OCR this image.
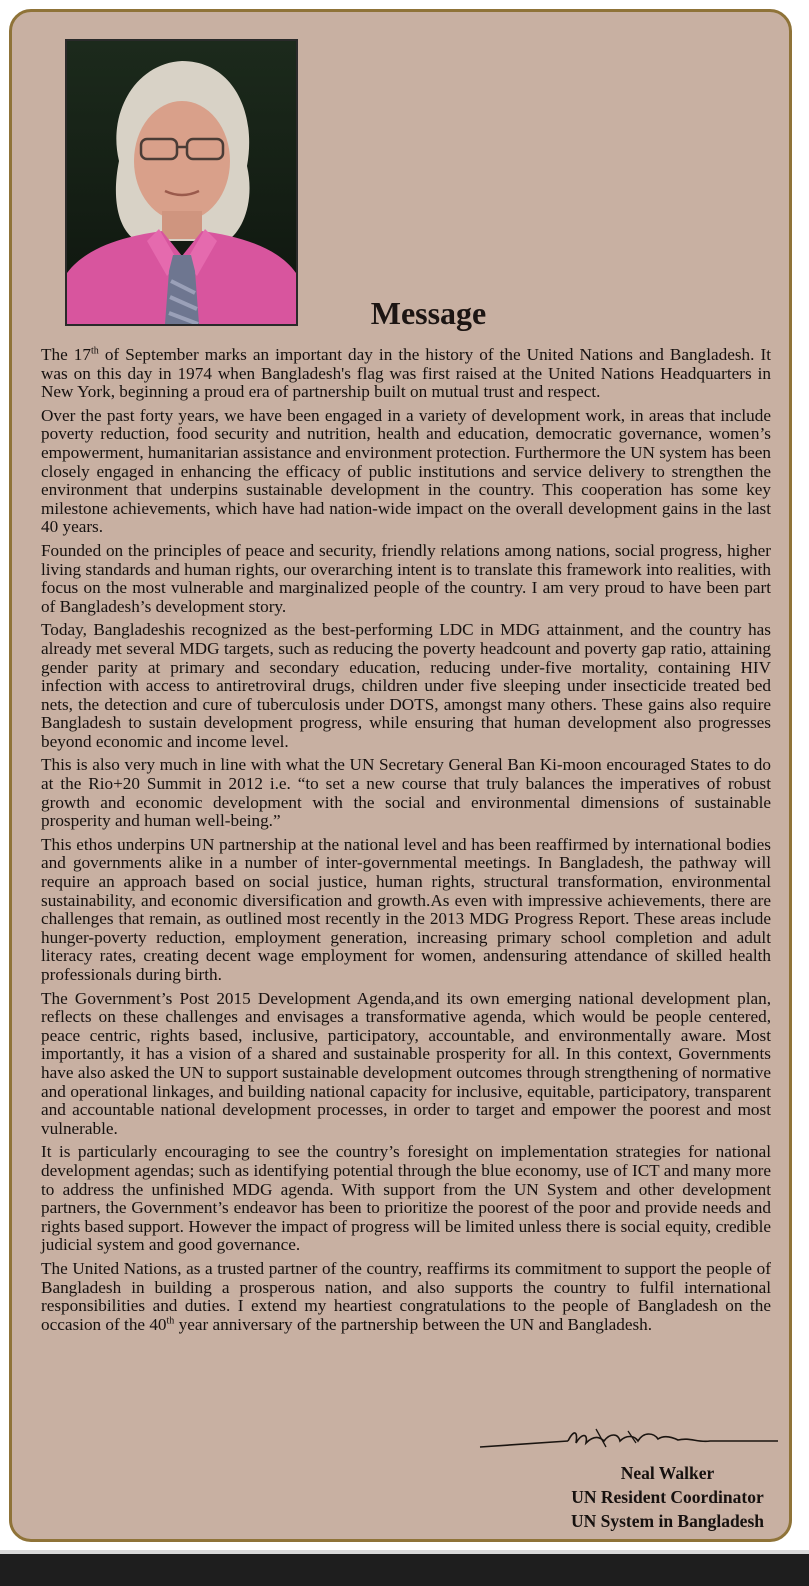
Message

The 17th of September marks an important day in the history of the United Nations and Bangladesh. It was on this day in 1974 when Bangladesh's flag was first raised at the United Nations Headquarters in New York, beginning a proud era of partnership built on mutual trust and respect.

Over the past forty years, we have been engaged in a variety of development work, in areas that include poverty reduction, food security and nutrition, health and education, democratic governance, women’s empowerment, humanitarian assistance and environment protection. Furthermore the UN system has been closely engaged in enhancing the efficacy of public institutions and service delivery to strengthen the environment that underpins sustainable development in the country. This cooperation has some key milestone achievements, which have had nation-wide impact on the overall development gains in the last 40 years.

Founded on the principles of peace and security, friendly relations among nations, social progress, higher living standards and human rights, our overarching intent is to translate this framework into realities, with focus on the most vulnerable and marginalized people of the country. I am very proud to have been part of Bangladesh’s development story.

Today, Bangladeshis recognized as the best-performing LDC in MDG attainment, and the country has already met several MDG targets, such as reducing the poverty headcount and poverty gap ratio, attaining gender parity at primary and secondary education, reducing under-five mortality, containing HIV infection with access to antiretroviral drugs, children under five sleeping under insecticide treated bed nets, the detection and cure of tuberculosis under DOTS, amongst many others. These gains also require Bangladesh to sustain development progress, while ensuring that human development also progresses beyond economic and income level.

This is also very much in line with what the UN Secretary General Ban Ki-moon encouraged States to do at the Rio+20 Summit in 2012 i.e. “to set a new course that truly balances the imperatives of robust growth and economic development with the social and environmental dimensions of sustainable prosperity and human well-being.”

This ethos underpins UN partnership at the national level and has been reaffirmed by international bodies and governments alike in a number of inter-governmental meetings. In Bangladesh, the pathway will require an approach based on social justice, human rights, structural transformation, environmental sustainability, and economic diversification and growth.As even with impressive achievements, there are challenges that remain, as outlined most recently in the 2013 MDG Progress Report. These areas include hunger-poverty reduction, employment generation, increasing primary school completion and adult literacy rates, creating decent wage employment for women, andensuring attendance of skilled health professionals during birth.

The Government’s Post 2015 Development Agenda,and its own emerging national development plan, reflects on these challenges and envisages a transformative agenda, which would be people centered, peace centric, rights based, inclusive, participatory, accountable, and environmentally aware. Most importantly, it has a vision of a shared and sustainable prosperity for all. In this context, Governments have also asked the UN to support sustainable development outcomes through strengthening of normative and operational linkages, and building national capacity for inclusive, equitable, participatory, transparent and accountable national development processes, in order to target and empower the poorest and most vulnerable.

It is particularly encouraging to see the country’s foresight on implementation strategies for national development agendas; such as identifying potential through the blue economy, use of ICT and many more to address the unfinished MDG agenda. With support from the UN System and other development partners, the Government’s endeavor has been to prioritize the poorest of the poor and provide needs and rights based support. However the impact of progress will be limited unless there is social equity, credible judicial system and good governance.

The United Nations, as a trusted partner of the country, reaffirms its commitment to support the people of Bangladesh in building a prosperous nation, and also supports the country to fulfil international responsibilities and duties. I extend my heartiest congratulations to the people of Bangladesh on the occasion of the 40th year anniversary of the partnership between the UN and Bangladesh.

Neal Walker
UN Resident Coordinator
UN System in Bangladesh
